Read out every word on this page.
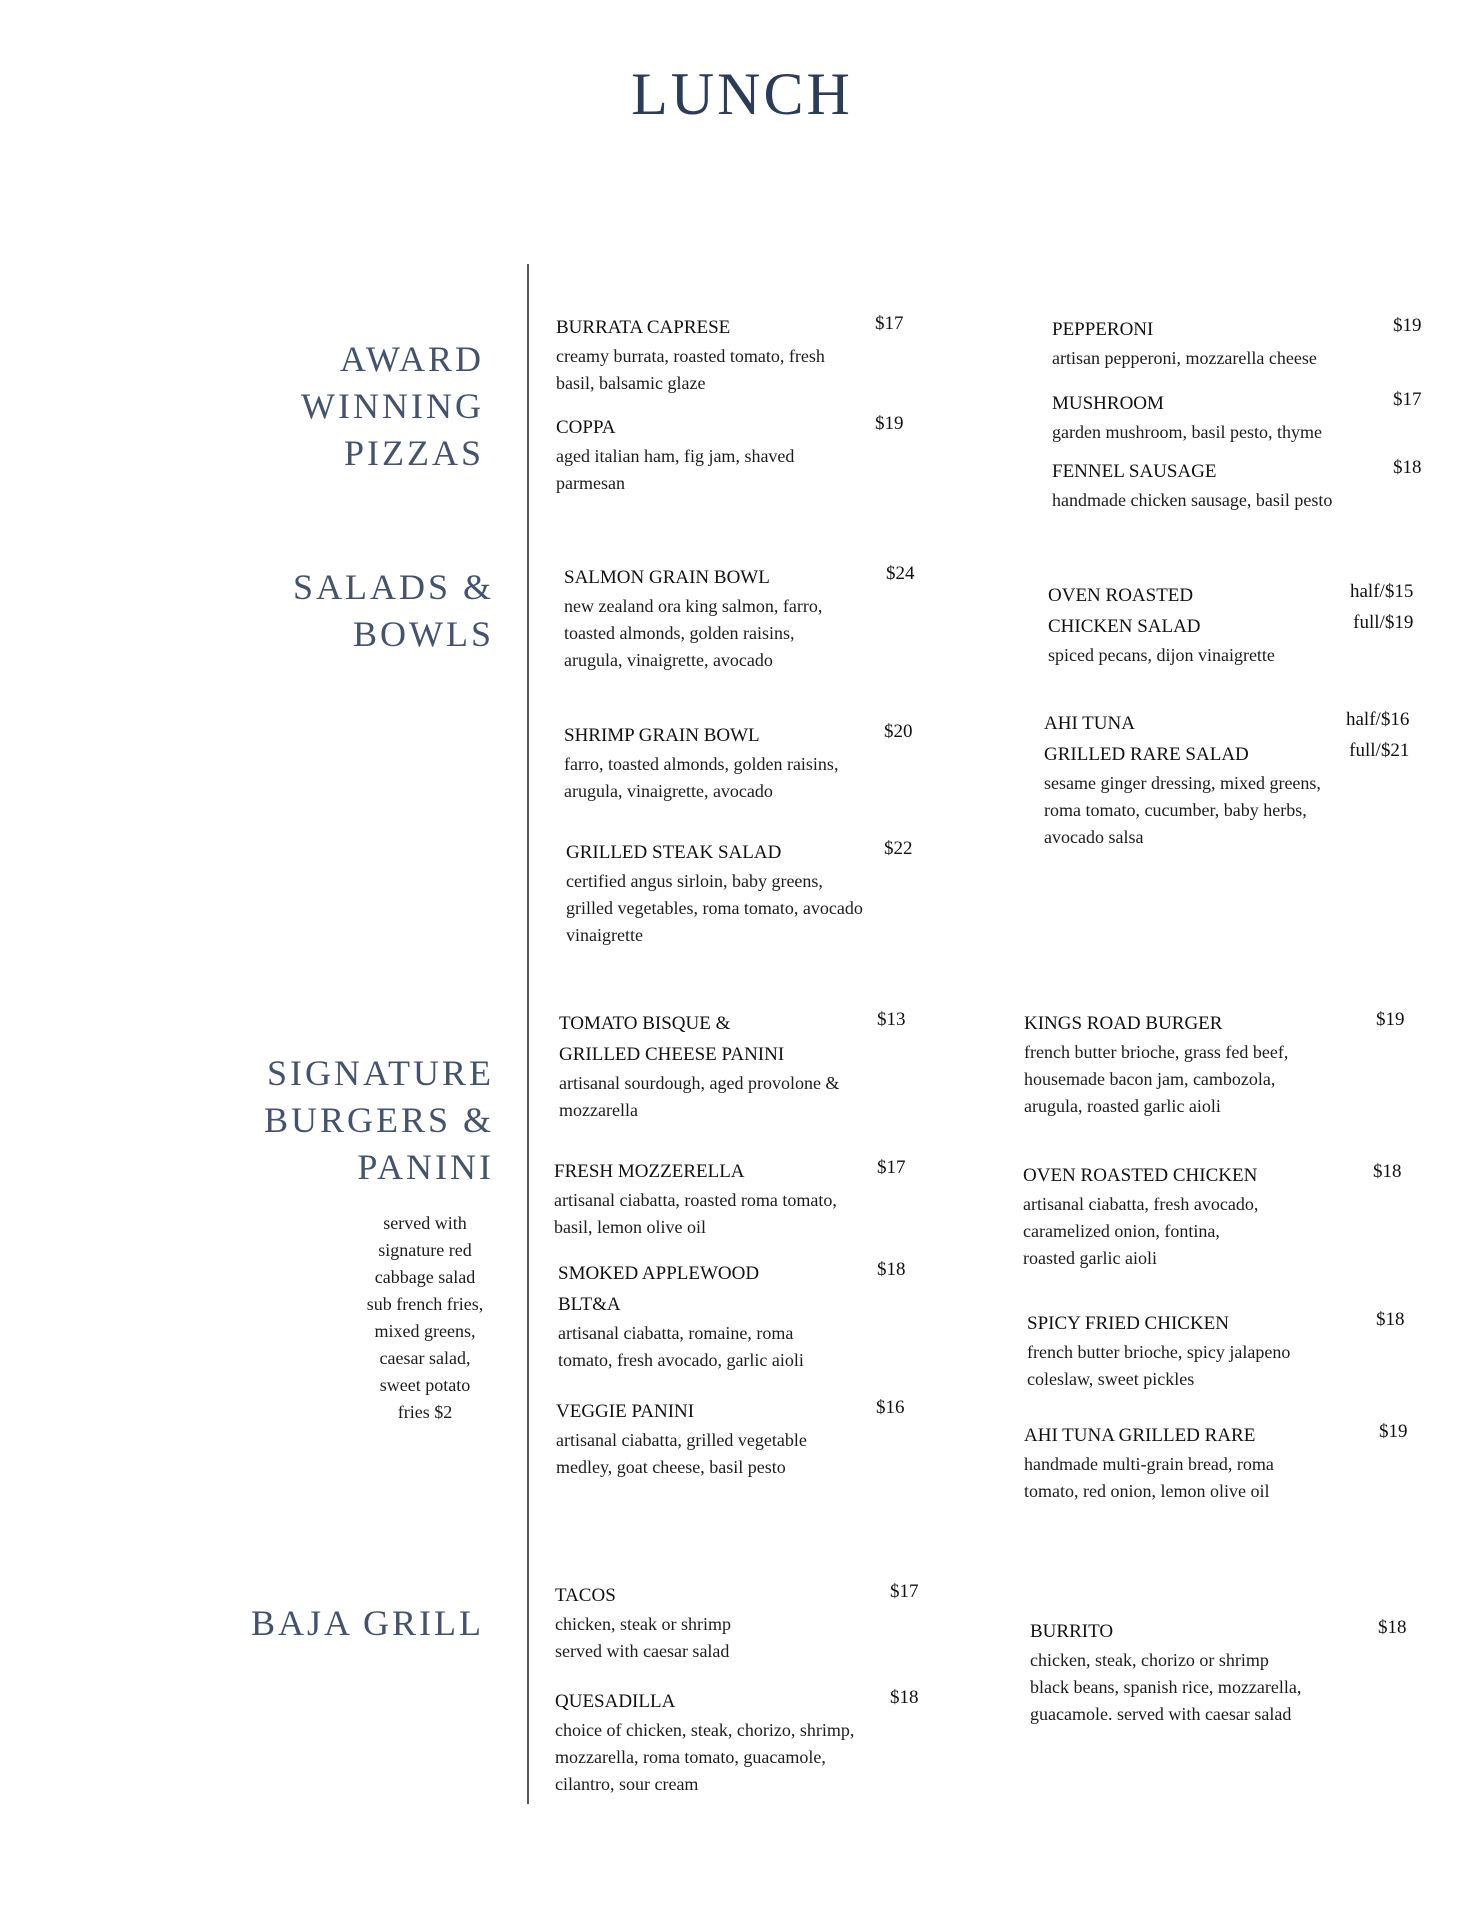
LUNCH
AWARD
WINNING
PIZZAS
SALADS &
BOWLS
SIGNATURE
BURGERS &
PANINI
BAJA GRILL
served with
signature red
cabbage salad
sub french fries,
mixed greens,
caesar salad,
sweet potato
fries $2
BURRATA CAPRESE
creamy burrata, roasted tomato, fresh
basil, balsamic glaze
$17
COPPA
aged italian ham, fig jam, shaved
parmesan
$19
PEPPERONI
artisan pepperoni, mozzarella cheese
$19
MUSHROOM
garden mushroom, basil pesto, thyme
$17
FENNEL SAUSAGE
handmade chicken sausage, basil pesto
$18
SALMON GRAIN BOWL
new zealand ora king salmon, farro,
toasted almonds, golden raisins,
arugula, vinaigrette, avocado
$24
SHRIMP GRAIN BOWL
farro, toasted almonds, golden raisins,
arugula, vinaigrette, avocado
$20
GRILLED STEAK SALAD
certified angus sirloin, baby greens,
grilled vegetables, roma tomato, avocado
vinaigrette
$22
OVEN ROASTED
CHICKEN SALAD
spiced pecans, dijon vinaigrette
half/$15
full/$19
AHI TUNA
GRILLED RARE SALAD
sesame ginger dressing, mixed greens,
roma tomato, cucumber, baby herbs,
avocado salsa
half/$16
full/$21
TOMATO BISQUE &
GRILLED CHEESE PANINI
artisanal sourdough, aged provolone &
mozzarella
$13
FRESH MOZZERELLA
artisanal ciabatta, roasted roma tomato,
basil, lemon olive oil
$17
SMOKED APPLEWOOD
BLT&A
artisanal ciabatta, romaine, roma
tomato, fresh avocado, garlic aioli
$18
VEGGIE PANINI
artisanal ciabatta, grilled vegetable
medley, goat cheese, basil pesto
$16
KINGS ROAD BURGER
french butter brioche, grass fed beef,
housemade bacon jam, cambozola,
arugula, roasted garlic aioli
$19
OVEN ROASTED CHICKEN
artisanal ciabatta, fresh avocado,
caramelized onion, fontina,
roasted garlic aioli
$18
SPICY FRIED CHICKEN
french butter brioche, spicy jalapeno
coleslaw, sweet pickles
$18
AHI TUNA GRILLED RARE
handmade multi-grain bread, roma
tomato, red onion, lemon olive oil
$19
TACOS
chicken, steak or shrimp
served with caesar salad
$17
QUESADILLA
choice of chicken, steak, chorizo, shrimp,
mozzarella, roma tomato, guacamole,
cilantro, sour cream
$18
BURRITO
chicken, steak, chorizo or shrimp
black beans, spanish rice, mozzarella,
guacamole. served with caesar salad
$18
